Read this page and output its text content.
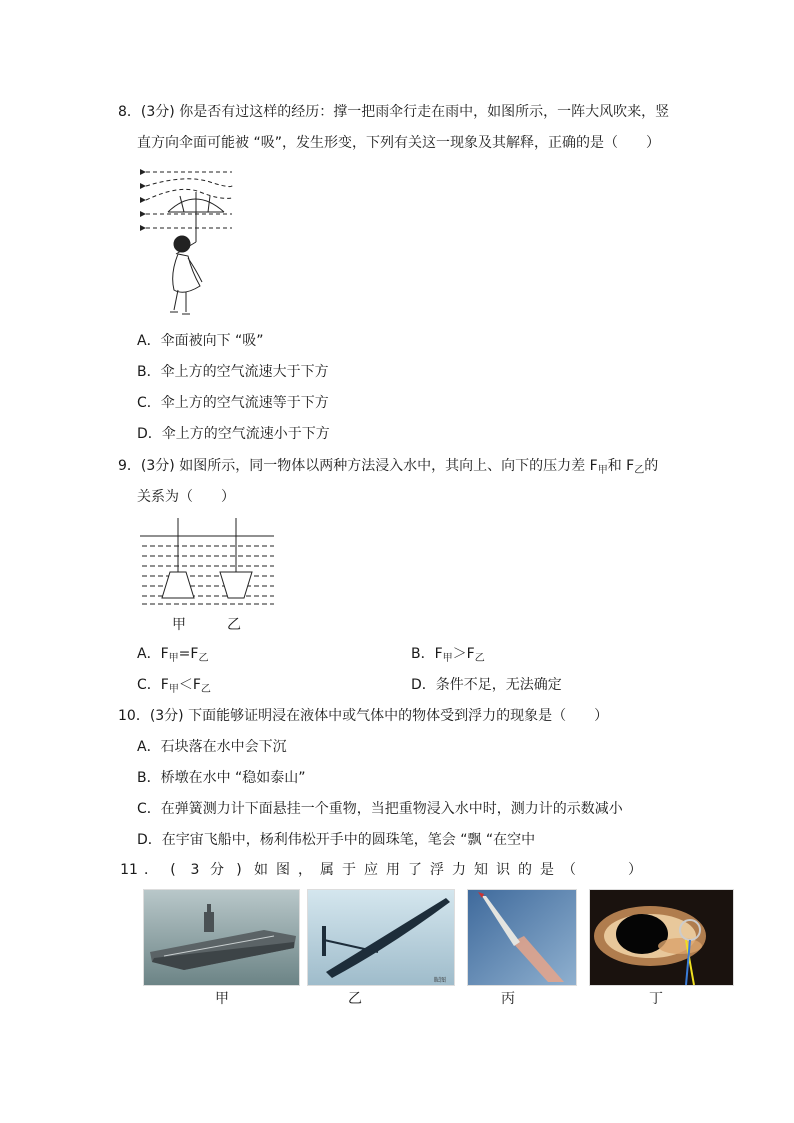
8．(3分) 你是否有过这样的经历：撑一把雨伞行走在雨中，如图所示，一阵大风吹来，竖
直方向伞面可能被 “吸”，发生形变，下列有关这一现象及其解释，正确的是（　　）
A．伞面被向下 “吸”
B．伞上方的空气流速大于下方
C．伞上方的空气流速等于下方
D．伞上方的空气流速小于下方
9．(3分) 如图所示，同一物体以两种方法浸入水中，其向上、向下的压力差 $F_甲$和 $F_乙$的
关系为（　　）
甲	乙
A．$F_甲=F_乙$	B．$F_甲>F_乙$
C．$F_甲<F_乙$	D．条件不足，无法确定
10．(3分) 下面能够证明浸在液体中或气体中的物体受到浮力的现象是（　　）
A．石块落在水中会下沉
B．桥墩在水中 “稳如泰山”
C．在弹簧测力计下面悬挂一个重物，当把重物浸入水中时，测力计的示数减小
D．在宇宙飞船中，杨利伟松开手中的圆珠笔，笔会 “飘 “在空中
11 ． ( 3 分 ) 如 图 ， 属 于 应 用 了 浮 力 知 识 的 是 （　　	）
昵图
甲	乙	丙	丁
